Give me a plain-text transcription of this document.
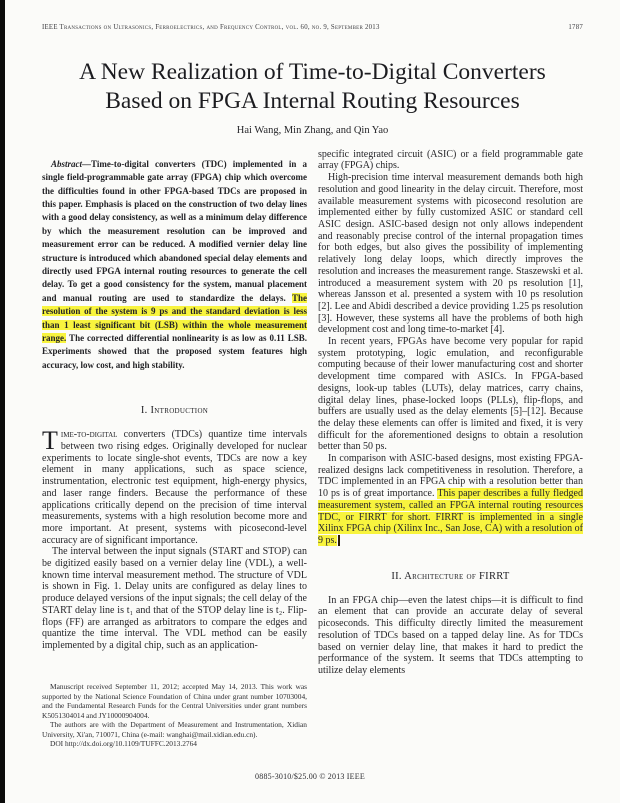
IEEE Transactions on Ultrasonics, Ferroelectrics, and Frequency Control, vol. 60, no. 9, September 2013	1787
A New Realization of Time-to-Digital Converters Based on FPGA Internal Routing Resources
Hai Wang, Min Zhang, and Qin Yao

Abstract—Time-to-digital converters (TDC) implemented in a single field-programmable gate array (FPGA) chip which overcome the difficulties found in other FPGA-based TDCs are proposed in this paper. Emphasis is placed on the construction of two delay lines with a good delay consistency, as well as a minimum delay difference by which the measurement resolution can be improved and measurement error can be reduced. A modified vernier delay line structure is introduced which abandoned special delay elements and directly used FPGA internal routing resources to generate the cell delay. To get a good consistency for the system, manual placement and manual routing are used to standardize the delays. The resolution of the system is 9 ps and the standard deviation is less than 1 least significant bit (LSB) within the whole measurement range. The corrected differential nonlinearity is as low as 0.11 LSB. Experiments showed that the proposed system features high accuracy, low cost, and high stability.

I. Introduction

Time-to-digital converters (TDCs) quantize time intervals between two rising edges. Originally developed for nuclear experiments to locate single-shot events, TDCs are now a key element in many applications, such as space science, instrumentation, electronic test equipment, high-energy physics, and laser range finders. Because the performance of these applications critically depend on the precision of time interval measurements, systems with a high resolution become more and more important. At present, systems with picosecond-level accuracy are of significant importance.

The interval between the input signals (START and STOP) can be digitized easily based on a vernier delay line (VDL), a well-known time interval measurement method. The structure of VDL is shown in Fig. 1. Delay units are configured as delay lines to produce delayed versions of the input signals; the cell delay of the START delay line is t₁ and that of the STOP delay line is t₂. Flip-flops (FF) are arranged as arbitrators to compare the edges and quantize the time interval. The VDL method can be easily implemented by a digital chip, such as an application-

Manuscript received September 11, 2012; accepted May 14, 2013. This work was supported by the National Science Foundation of China under grant number 10703004, and the Fundamental Research Funds for the Central Universities under grant numbers K5051304014 and JY10000904004.

The authors are with the Department of Measurement and Instrumentation, Xidian University, Xi'an, 710071, China (e-mail: wanghai@mail.xidian.edu.cn).

DOI http://dx.doi.org/10.1109/TUFFC.2013.2764

specific integrated circuit (ASIC) or a field programmable gate array (FPGA) chips.

High-precision time interval measurement demands both high resolution and good linearity in the delay circuit. Therefore, most available measurement systems with picosecond resolution are implemented either by fully customized ASIC or standard cell ASIC design. ASIC-based design not only allows independent and reasonably precise control of the internal propagation times for both edges, but also gives the possibility of implementing relatively long delay loops, which directly improves the resolution and increases the measurement range. Staszewski et al. introduced a measurement system with 20 ps resolution [1], whereas Jansson et al. presented a system with 10 ps resolution [2]. Lee and Abidi described a device providing 1.25 ps resolution [3]. However, these systems all have the problems of both high development cost and long time-to-market [4].

In recent years, FPGAs have become very popular for rapid system prototyping, logic emulation, and reconfigurable computing because of their lower manufacturing cost and shorter development time compared with ASICs. In FPGA-based designs, look-up tables (LUTs), delay matrices, carry chains, digital delay lines, phase-locked loops (PLLs), flip-flops, and buffers are usually used as the delay elements [5]–[12]. Because the delay these elements can offer is limited and fixed, it is very difficult for the aforementioned designs to obtain a resolution better than 50 ps.

In comparison with ASIC-based designs, most existing FPGA-realized designs lack competitiveness in resolution. Therefore, a TDC implemented in an FPGA chip with a resolution better than 10 ps is of great importance. This paper describes a fully fledged measurement system, called an FPGA internal routing resources TDC, or FIRRT for short. FIRRT is implemented in a single Xilinx FPGA chip (Xilinx Inc., San Jose, CA) with a resolution of 9 ps.

II. Architecture of FIRRT

In an FPGA chip—even the latest chips—it is difficult to find an element that can provide an accurate delay of several picoseconds. This difficulty directly limited the measurement resolution of TDCs based on a tapped delay line. As for TDCs based on vernier delay line, that makes it hard to predict the performance of the system. It seems that TDCs attempting to utilize delay elements

0885-3010/$25.00 © 2013 IEEE
